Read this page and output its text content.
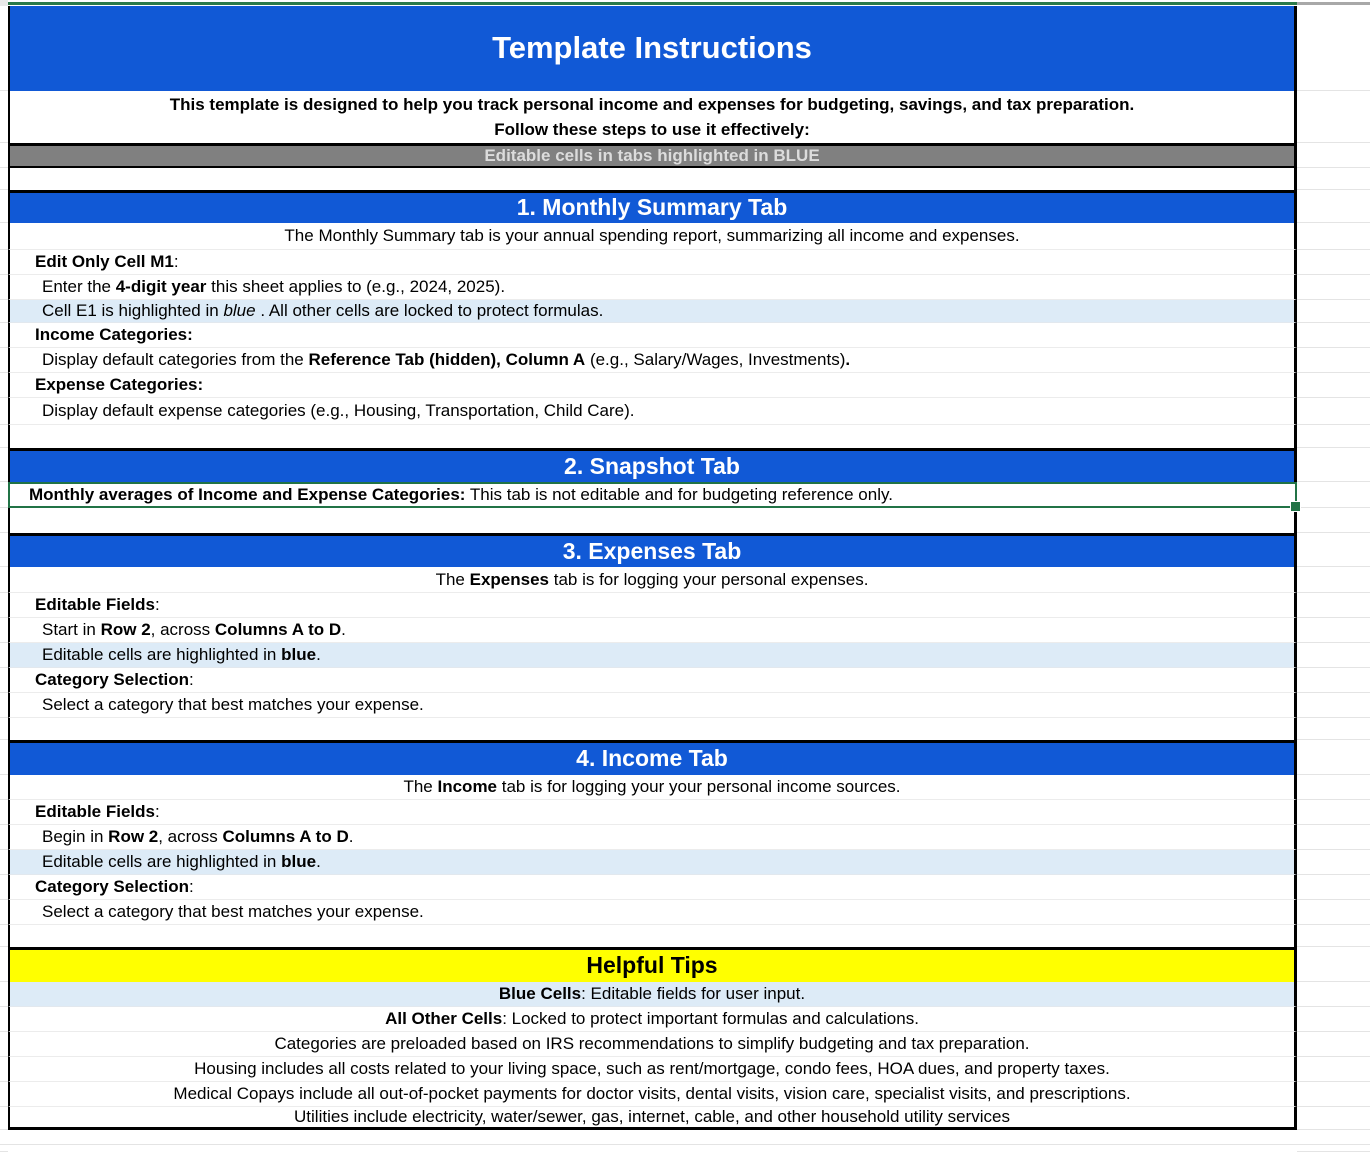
Template Instructions
This template is designed to help you track personal income and expenses for budgeting, savings, and tax preparation.
Follow these steps to use it effectively:
Editable cells in tabs highlighted in BLUE
1. Monthly Summary Tab
The Monthly Summary tab is your annual spending report, summarizing all income and expenses.
Edit Only Cell M1 :
Enter the 4-digit year this sheet applies to (e.g., 2024, 2025).
Cell E1 is highlighted in blue . All other cells are locked to protect formulas.
Income Categories:
Display default categories from the Reference Tab (hidden), Column A (e.g., Salary/Wages, Investments) .
Expense Categories:
Display default expense categories (e.g., Housing, Transportation, Child Care).
2. Snapshot Tab
Monthly averages of Income and Expense Categories: This tab is not editable and for budgeting reference only.
3. Expenses Tab
The Expenses tab is for logging your personal expenses.
Editable Fields :
Start in Row 2 , across Columns A to D .
Editable cells are highlighted in blue .
Category Selection :
Select a category that best matches your expense.
4. Income Tab
The Income tab is for logging your your personal income sources.
Editable Fields :
Begin in Row 2 , across Columns A to D .
Editable cells are highlighted in blue .
Category Selection :
Select a category that best matches your expense.
Helpful Tips
Blue Cells : Editable fields for user input.
All Other Cells : Locked to protect important formulas and calculations.
Categories are preloaded based on IRS recommendations to simplify budgeting and tax preparation.
Housing includes all costs related to your living space, such as rent/mortgage, condo fees, HOA dues, and property taxes.
Medical Copays include all out-of-pocket payments for doctor visits, dental visits, vision care, specialist visits, and prescriptions.
Utilities include electricity, water/sewer, gas, internet, cable, and other household utility services
